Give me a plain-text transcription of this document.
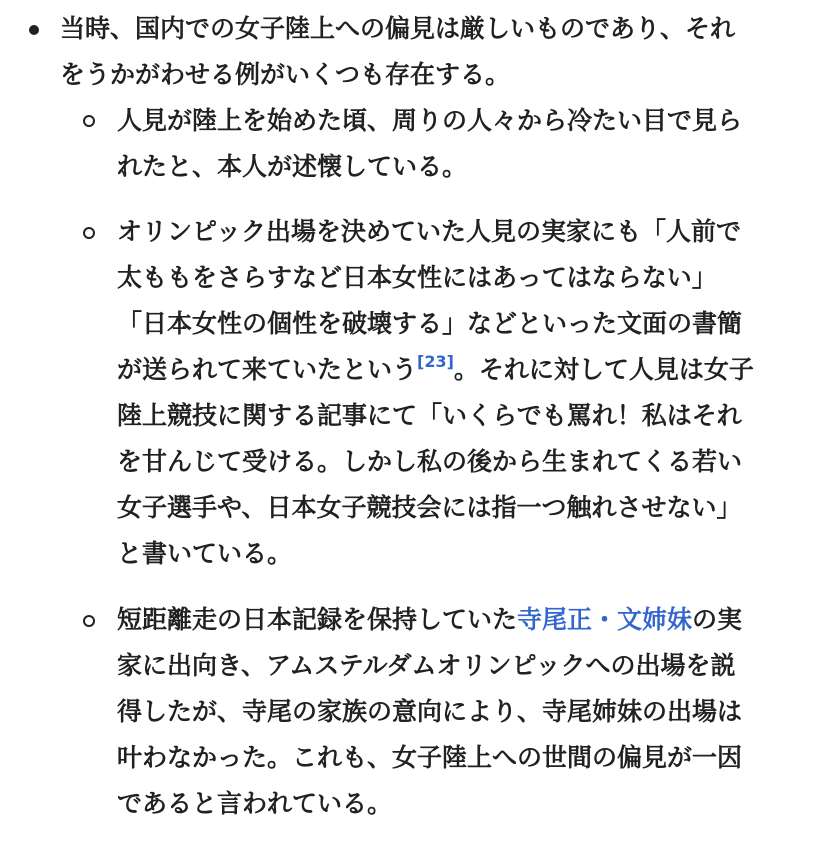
当時、国内での女子陸上への偏見は厳しいものであり、それ
をうかがわせる例がいくつも存在する。
人見が陸上を始めた頃、周りの人々から冷たい目で見ら
れたと、本人が述懐している。
オリンピック出場を決めていた人見の実家にも「人前で
太ももをさらすなど日本女性にはあってはならない」
「日本女性の個性を破壊する」などといった文面の書簡
が送られて来ていたという[23]。それに対して人見は女子
陸上競技に関する記事にて「いくらでも罵れ！私はそれ
を甘んじて受ける。しかし私の後から生まれてくる若い
女子選手や、日本女子競技会には指一つ触れさせない」
と書いている。
短距離走の日本記録を保持していた寺尾正・文姉妹の実
家に出向き、アムステルダムオリンピックへの出場を説
得したが、寺尾の家族の意向により、寺尾姉妹の出場は
叶わなかった。これも、女子陸上への世間の偏見が一因
であると言われている。
